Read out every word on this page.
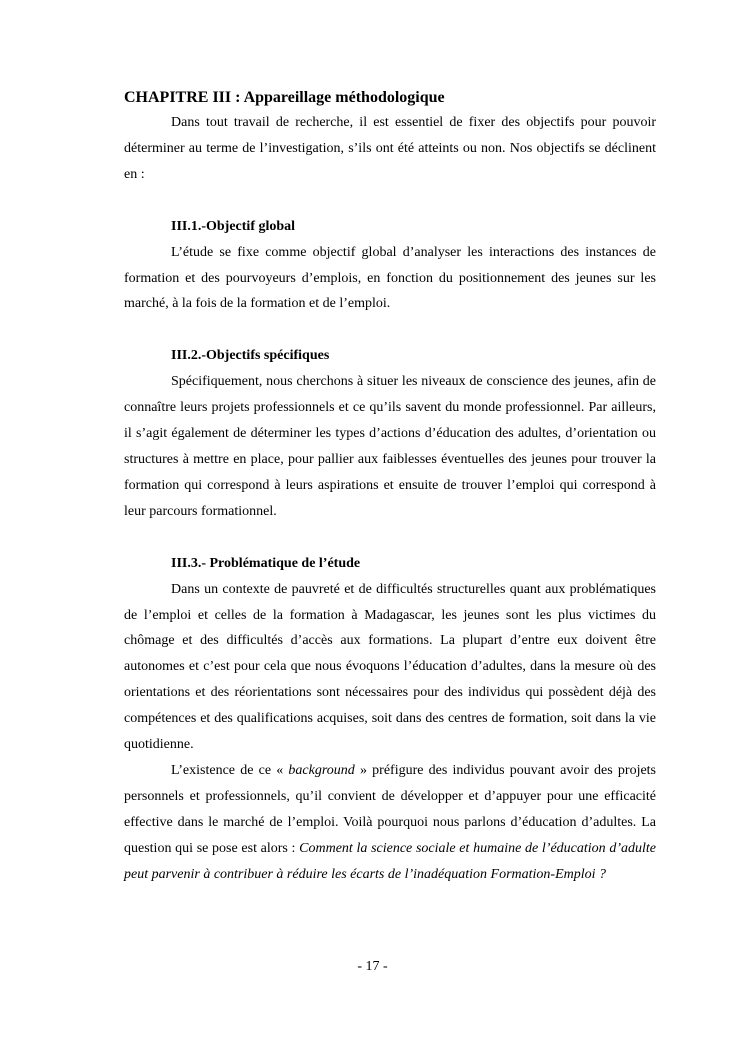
CHAPITRE III : Appareillage méthodologique

Dans tout travail de recherche, il est essentiel de fixer des objectifs pour pouvoir déterminer au terme de l’investigation, s’ils ont été atteints ou non. Nos objectifs se déclinent en :

III.1.-Objectif global

L’étude se fixe comme objectif global d’analyser les interactions des instances de formation et des pourvoyeurs d’emplois, en fonction du positionnement des jeunes sur les marché, à la fois de la formation et de l’emploi.

III.2.-Objectifs spécifiques

Spécifiquement, nous cherchons à situer les niveaux de conscience des jeunes, afin de connaître leurs projets professionnels et ce qu’ils savent du monde professionnel. Par ailleurs, il s’agit également de déterminer les types d’actions d’éducation des adultes, d’orientation ou structures à mettre en place, pour pallier aux faiblesses éventuelles des jeunes pour trouver la formation qui correspond à leurs aspirations et ensuite de trouver l’emploi qui correspond à leur parcours formationnel.

III.3.- Problématique de l’étude

Dans un contexte de pauvreté et de difficultés structurelles quant aux problématiques de l’emploi et celles de la formation à Madagascar, les jeunes sont les plus victimes du chômage et des difficultés d’accès aux formations. La plupart d’entre eux doivent être autonomes et c’est pour cela que nous évoquons l’éducation d’adultes, dans la mesure où des orientations et des réorientations sont nécessaires pour des individus qui possèdent déjà des compétences et des qualifications acquises, soit dans des centres de formation, soit dans la vie quotidienne.

L’existence de ce « background » préfigure des individus pouvant avoir des projets personnels et professionnels, qu’il convient de développer et d’appuyer pour une efficacité effective dans le marché de l’emploi. Voilà pourquoi nous parlons d’éducation d’adultes. La question qui se pose est alors : Comment la science sociale et humaine de l’éducation d’adulte peut parvenir à contribuer à réduire les écarts de l’inadéquation Formation-Emploi ?

- 17 -
